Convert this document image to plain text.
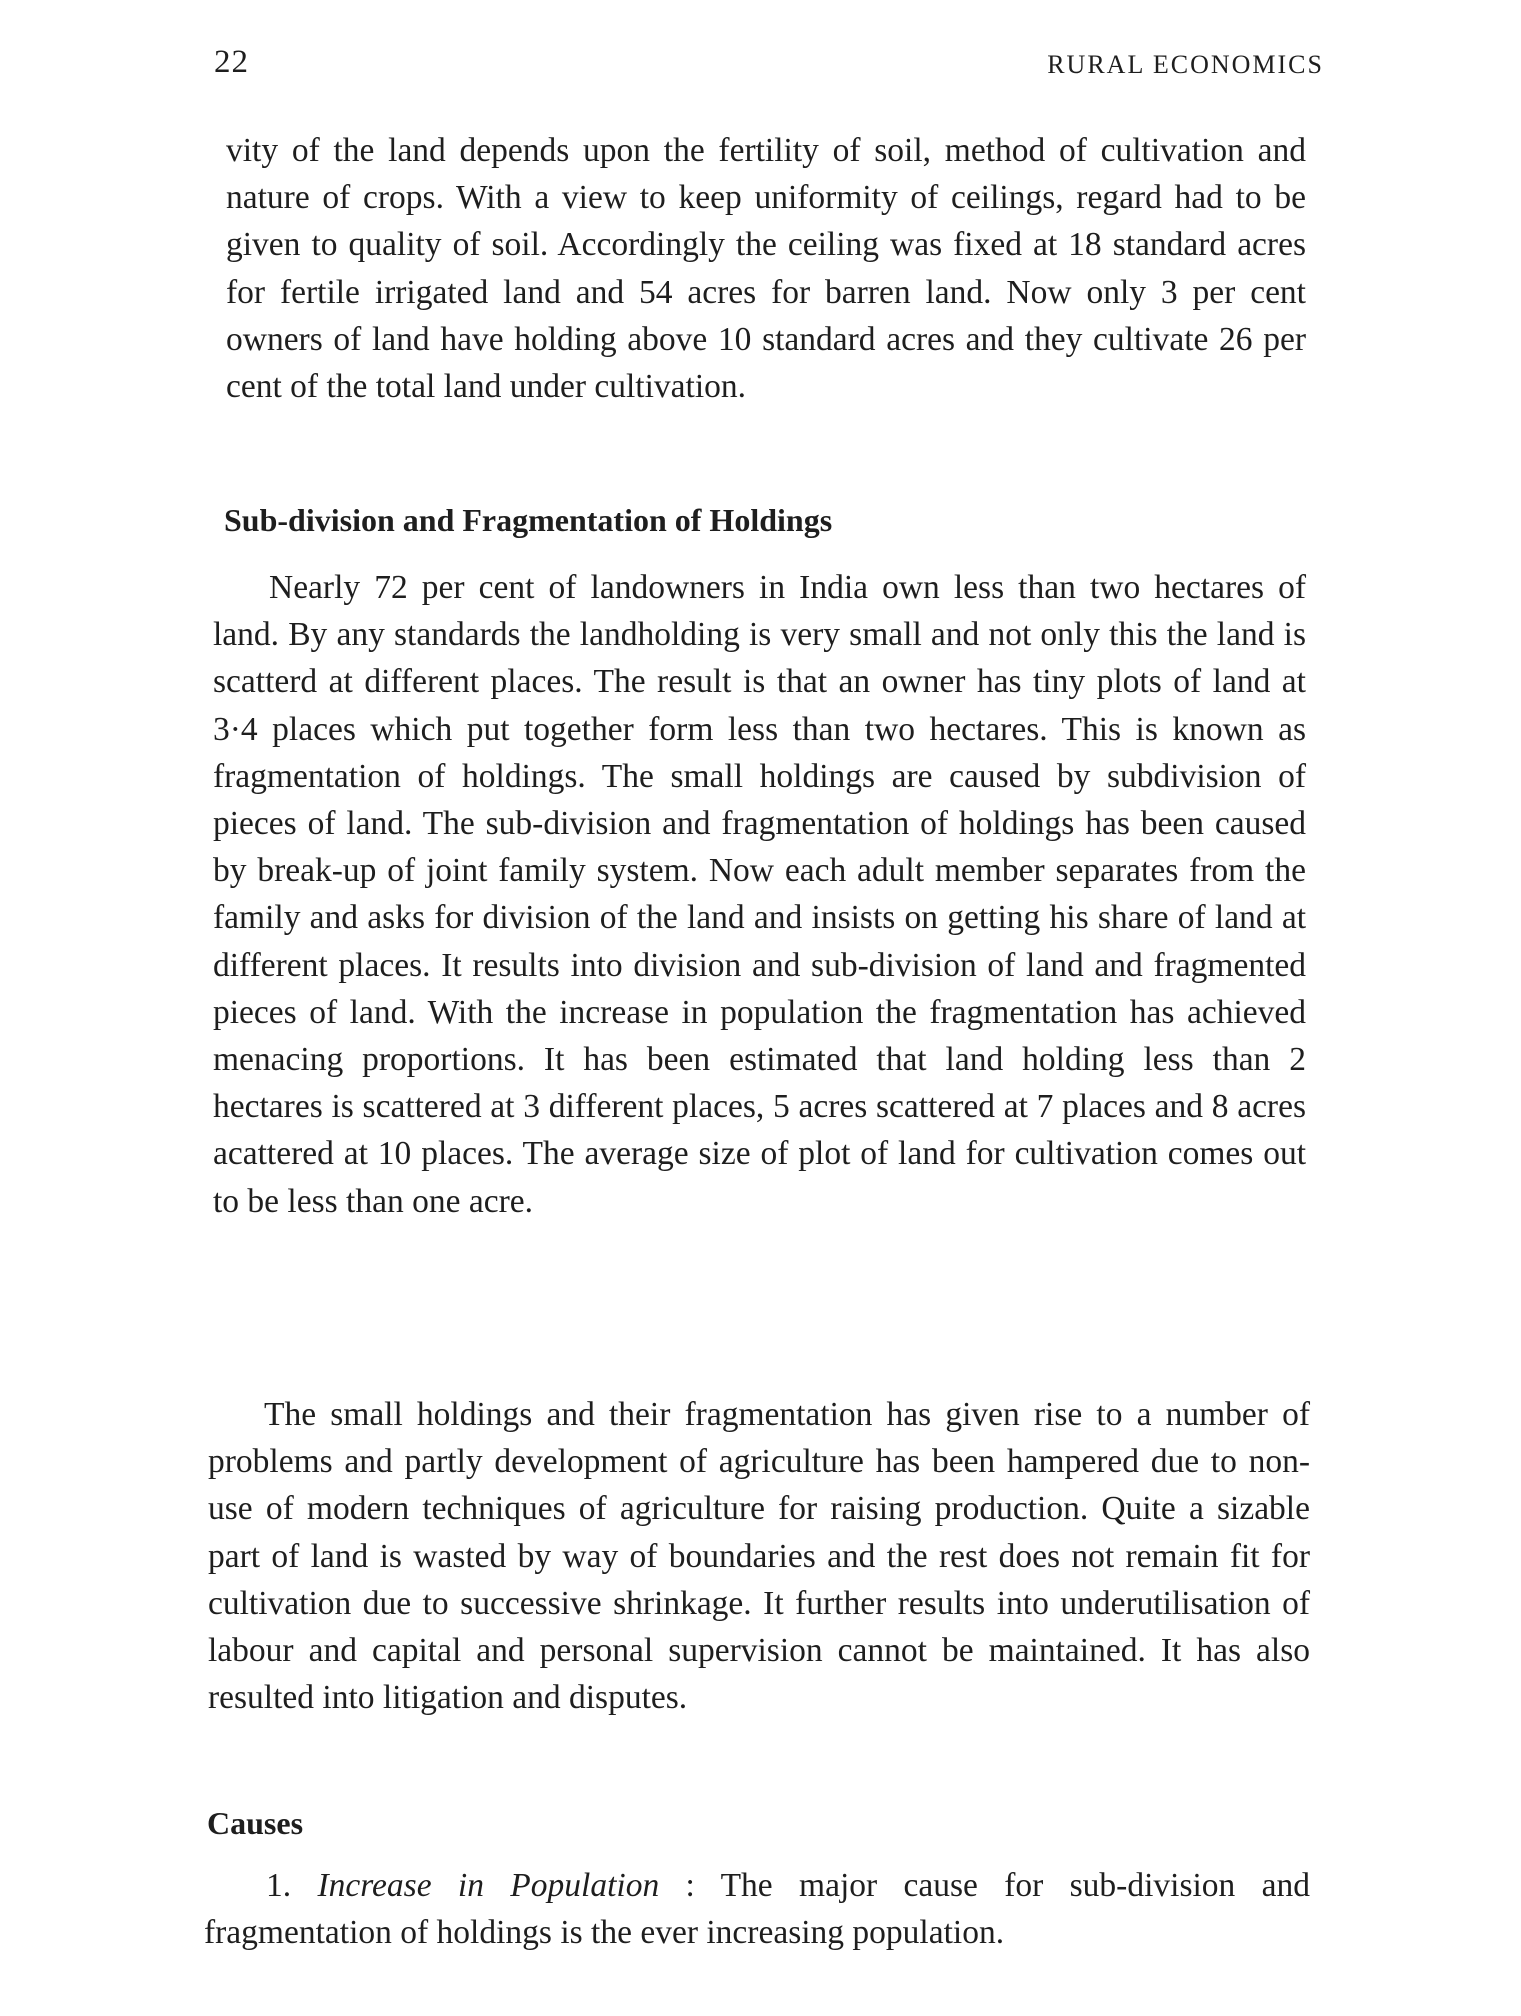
22	RURAL ECONOMICS

vity of the land depends upon the fertility of soil, method of cultivation and nature of crops. With a view to keep uniformity of ceilings, regard had to be given to quality of soil. Accordingly the ceiling was fixed at 18 standard acres for fertile irrigated land and 54 acres for barren land. Now only 3 per cent owners of land have holding above 10 standard acres and they cultivate 26 per cent of the total land under cultivation.

Sub-division and Fragmentation of Holdings

Nearly 72 per cent of landowners in India own less than two hectares of land. By any standards the landholding is very small and not only this the land is scatterd at different places. The result is that an owner has tiny plots of land at 3·4 places which put together form less than two hectares. This is known as fragmentation of holdings. The small holdings are caused by subdivision of pieces of land. The sub-division and fragmentation of holdings has been caused by break-up of joint family system. Now each adult member separates from the family and asks for division of the land and insists on getting his share of land at different places. It results into division and sub-division of land and fragmented pieces of land. With the increase in population the fragmentation has achieved menacing proportions. It has been estimated that land holding less than 2 hectares is scattered at 3 different places, 5 acres scattered at 7 places and 8 acres acattered at 10 places. The average size of plot of land for cultivation comes out to be less than one acre.

The small holdings and their fragmentation has given rise to a number of problems and partly development of agriculture has been hampered due to non-use of modern techniques of agriculture for raising production. Quite a sizable part of land is wasted by way of boundaries and the rest does not remain fit for cultivation due to successive shrinkage. It further results into underutilisation of labour and capital and personal supervision cannot be maintained. It has also resulted into litigation and disputes.

Causes

1. Increase in Population : The major cause for sub-division and fragmentation of holdings is the ever increasing population.
